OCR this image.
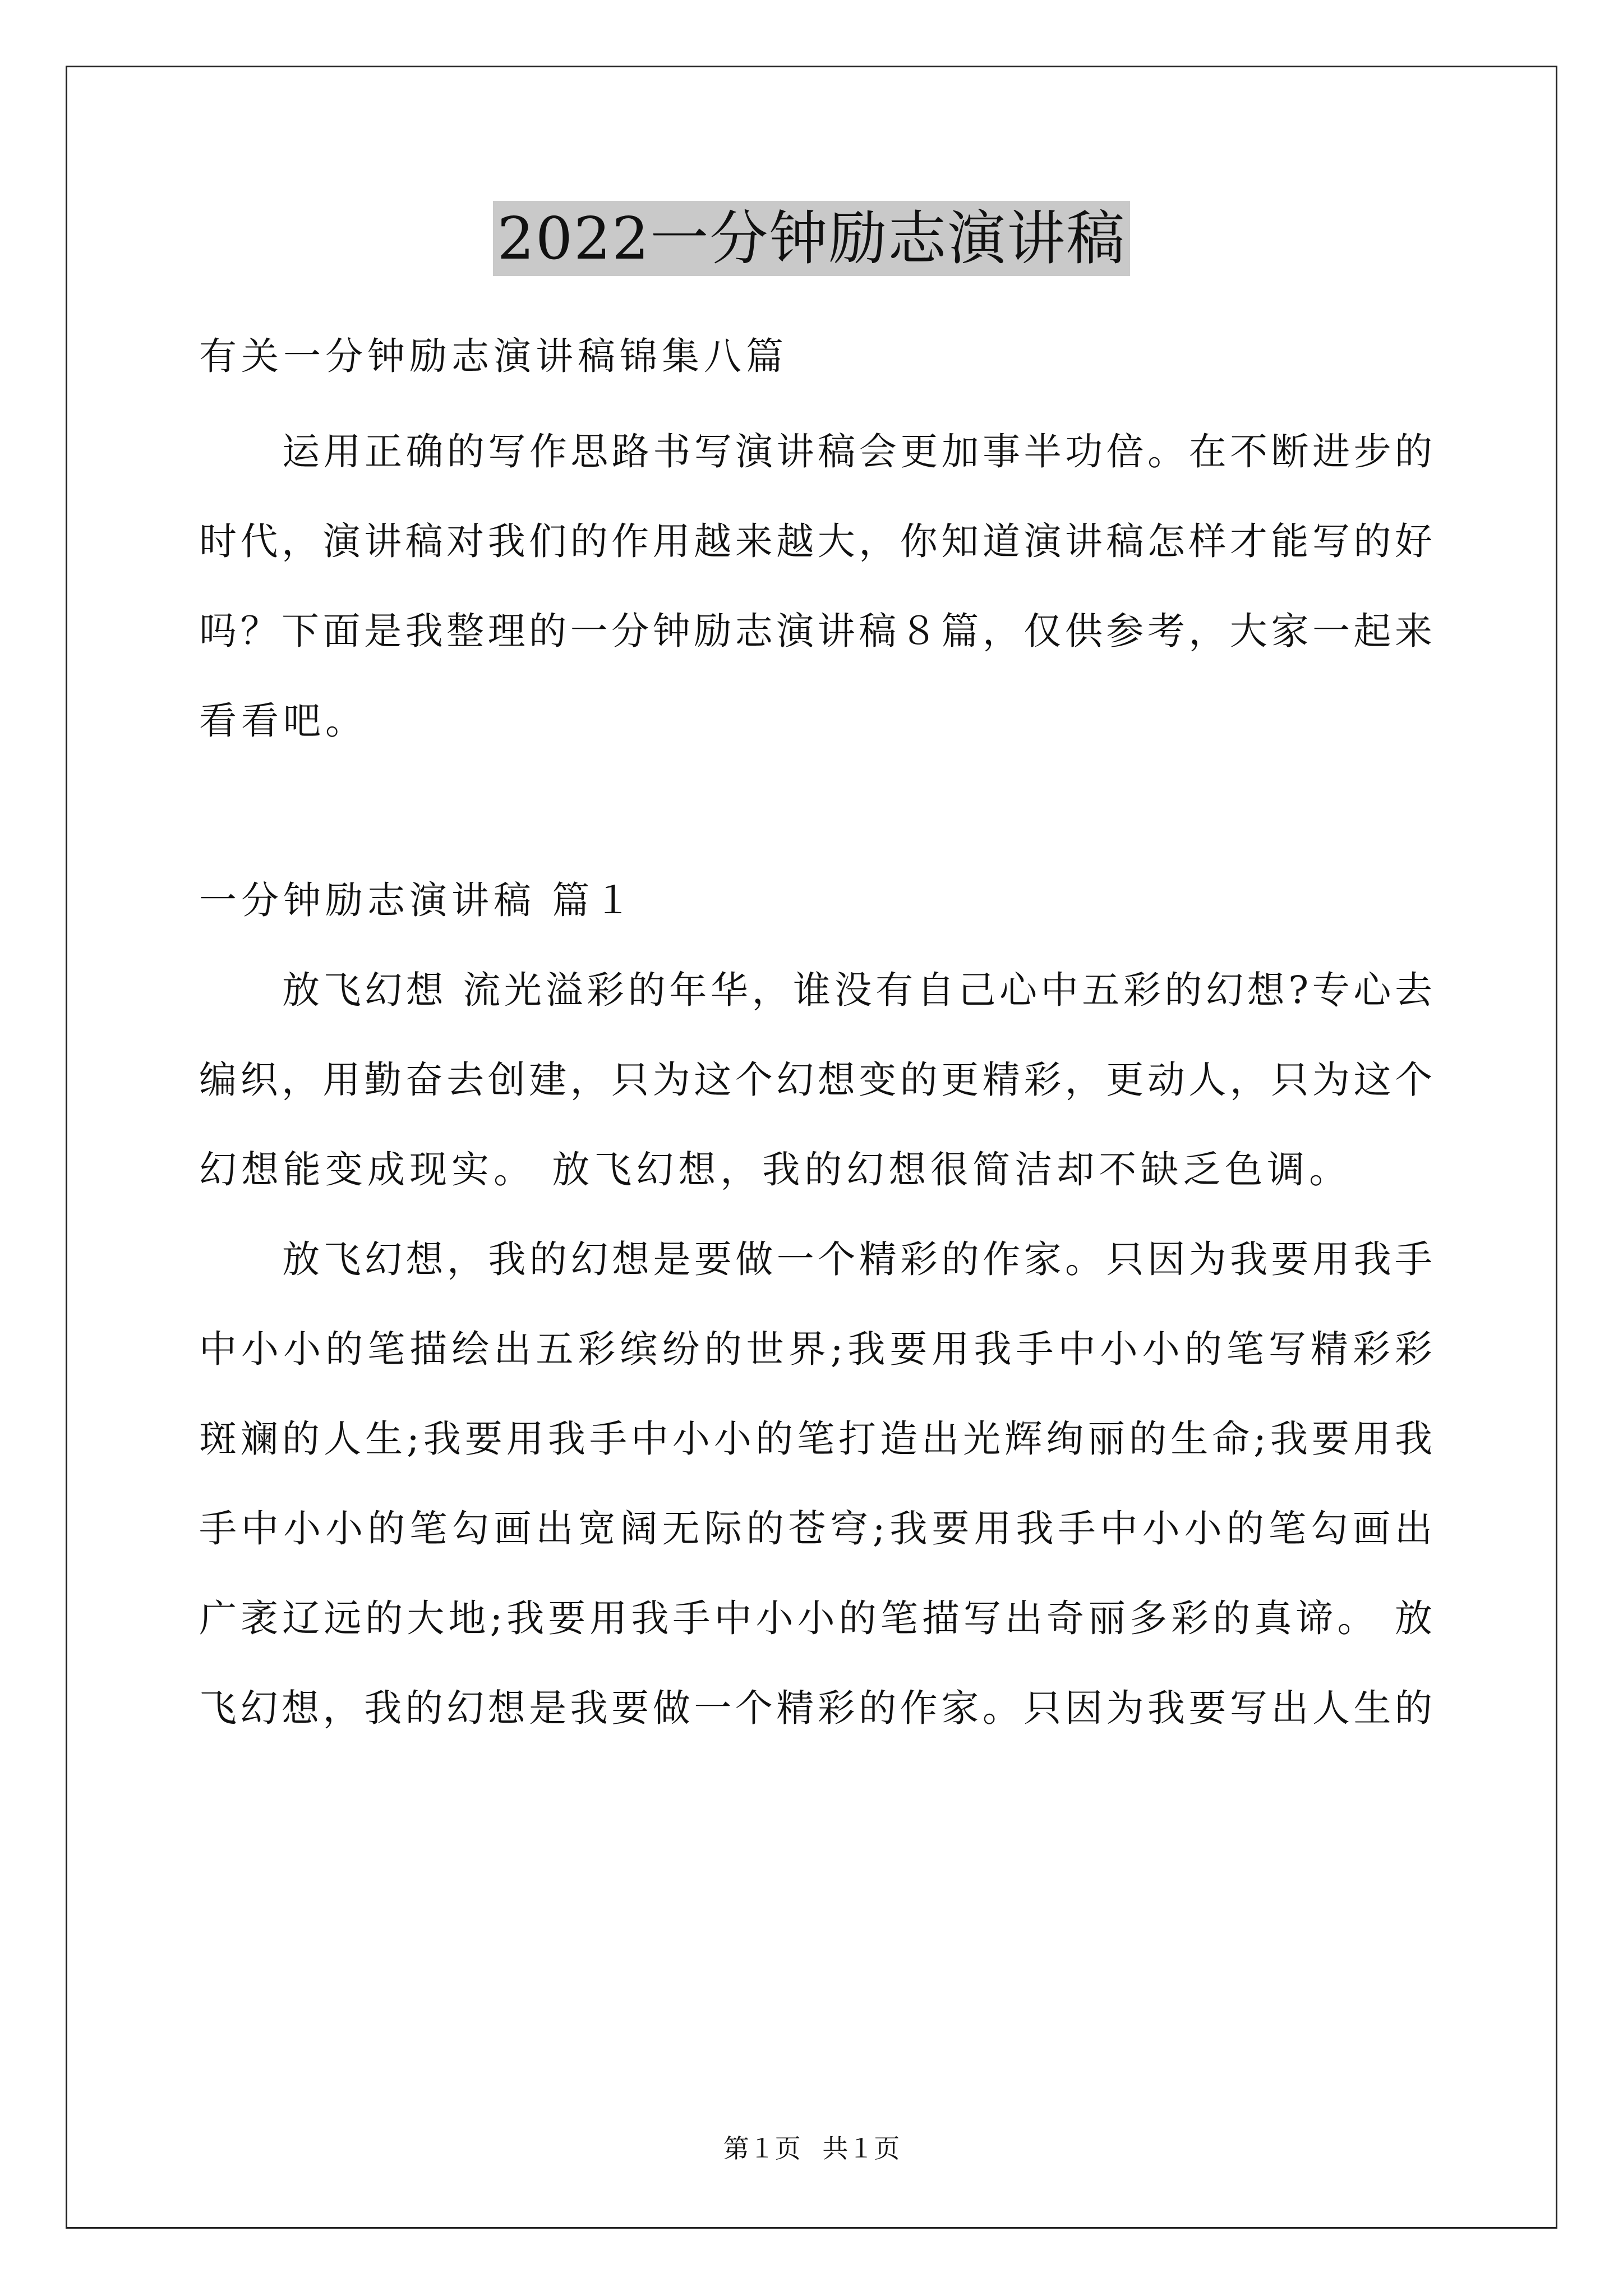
2022一分钟励志演讲稿
有关一分钟励志演讲稿锦集八篇
运用正确的写作思路书写演讲稿会更加事半功倍。在不断进步的
时代，演讲稿对我们的作用越来越大，你知道演讲稿怎样才能写的好
吗？下面是我整理的一分钟励志演讲稿８篇，仅供参考，大家一起来
看看吧。
一分钟励志演讲稿 篇１
放飞幻想 流光溢彩的年华，谁没有自己心中五彩的幻想?专心去
编织，用勤奋去创建，只为这个幻想变的更精彩，更动人，只为这个
幻想能变成现实。 放飞幻想，我的幻想很简洁却不缺乏色调。
放飞幻想，我的幻想是要做一个精彩的作家。只因为我要用我手
中小小的笔描绘出五彩缤纷的世界;我要用我手中小小的笔写精彩彩
斑斓的人生;我要用我手中小小的笔打造出光辉绚丽的生命;我要用我
手中小小的笔勾画出宽阔无际的苍穹;我要用我手中小小的笔勾画出
广袤辽远的大地;我要用我手中小小的笔描写出奇丽多彩的真谛。 放
飞幻想，我的幻想是我要做一个精彩的作家。只因为我要写出人生的
第１页 共１页
